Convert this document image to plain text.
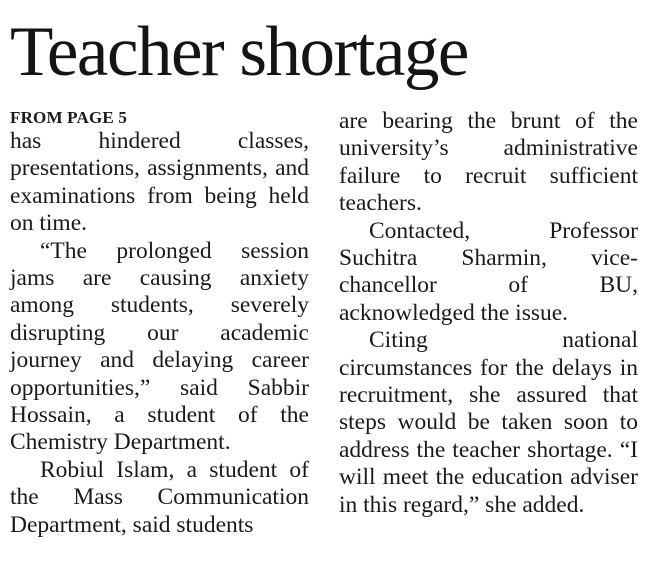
Teacher shortage
FROM PAGE 5

has hindered classes, presentations, assignments, and examinations from being held on time.

“The prolonged session jams are causing anxiety among students, severely disrupting our academic journey and delaying career opportunities,” said Sabbir Hossain, a student of the Chemistry Department.

Robiul Islam, a student of the Mass Communication Department, said students

are bearing the brunt of the university’s administrative failure to recruit sufficient teachers.

Contacted, Professor Suchitra Sharmin, vice-chancellor of BU, acknowledged the issue.

Citing national circumstances for the delays in recruitment, she assured that steps would be taken soon to address the teacher shortage. “I will meet the education adviser in this regard,” she added.
